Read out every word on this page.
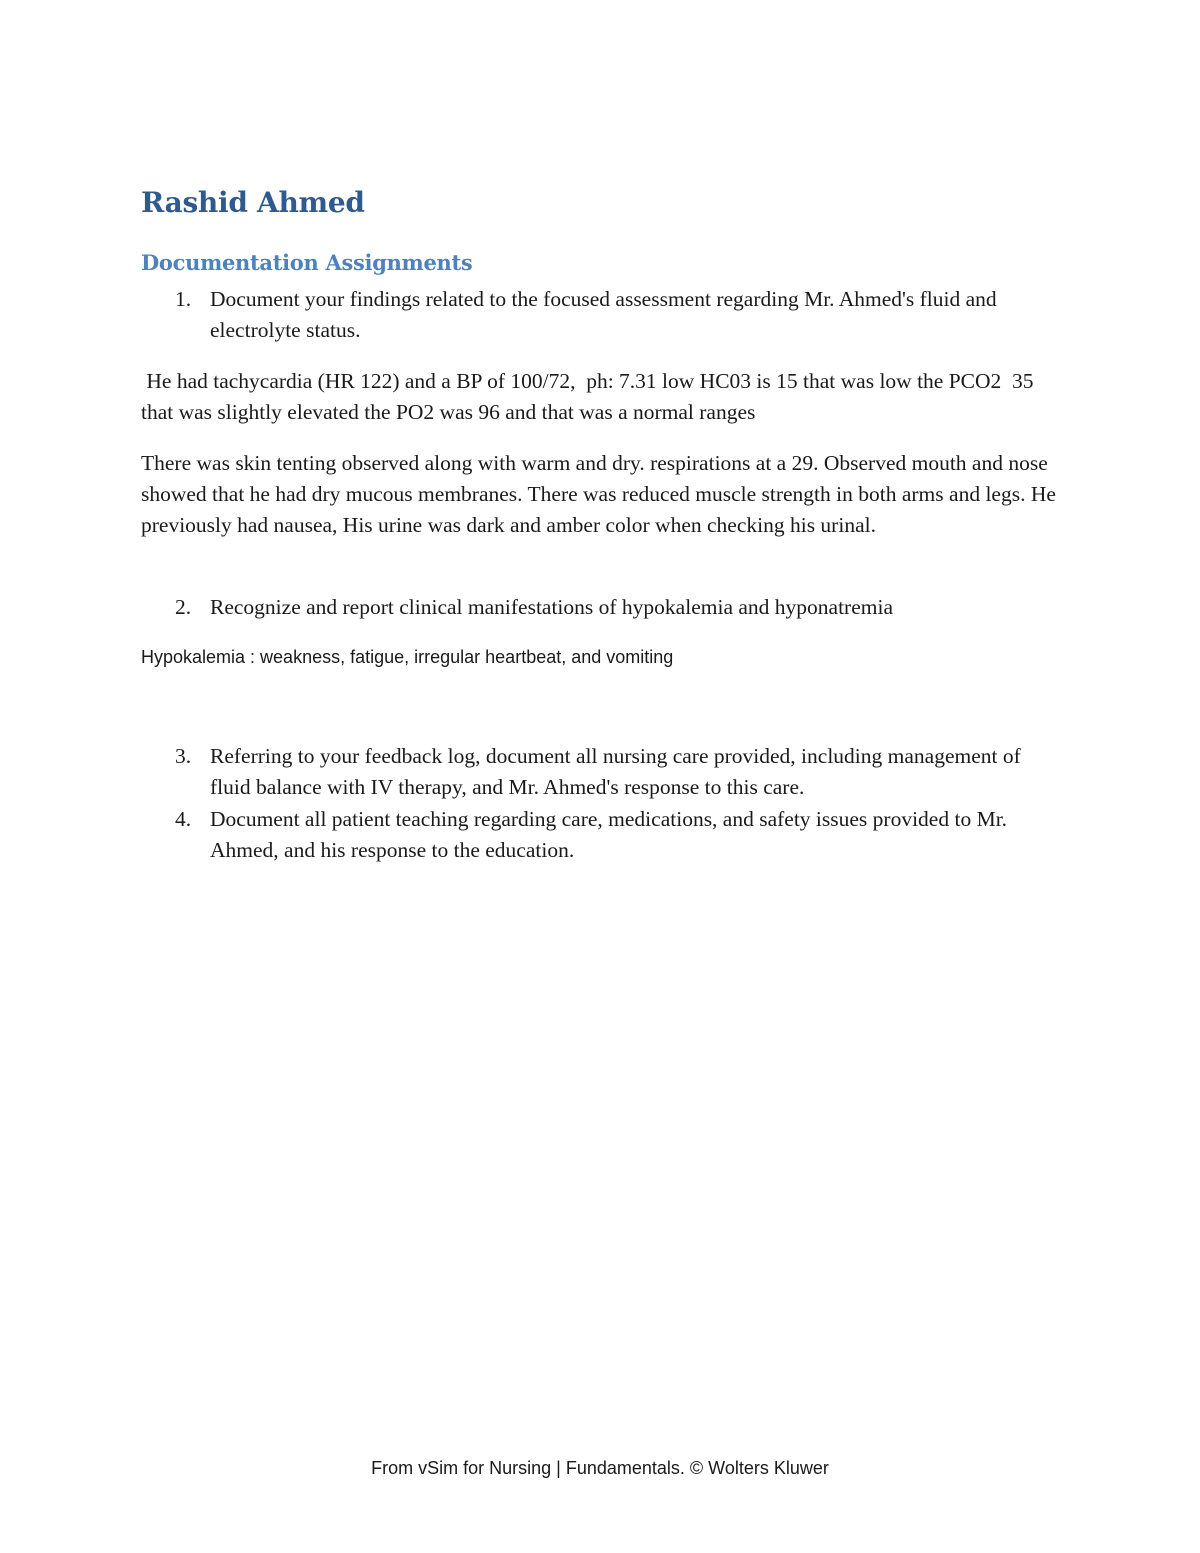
Rashid Ahmed
Documentation Assignments
1. Document your findings related to the focused assessment regarding Mr. Ahmed's fluid and electrolyte status.

He had tachycardia (HR 122) and a BP of 100/72,  ph: 7.31 low HC03 is 15 that was low the PCO2  35 that was slightly elevated the PO2 was 96 and that was a normal ranges

There was skin tenting observed along with warm and dry. respirations at a 29. Observed mouth and nose showed that he had dry mucous membranes. There was reduced muscle strength in both arms and legs. He previously had nausea, His urine was dark and amber color when checking his urinal.

2. Recognize and report clinical manifestations of hypokalemia and hyponatremia

Hypokalemia : weakness, fatigue, irregular heartbeat, and vomiting

3. Referring to your feedback log, document all nursing care provided, including management of fluid balance with IV therapy, and Mr. Ahmed's response to this care.
4. Document all patient teaching regarding care, medications, and safety issues provided to Mr. Ahmed, and his response to the education.
From vSim for Nursing | Fundamentals. © Wolters Kluwer
